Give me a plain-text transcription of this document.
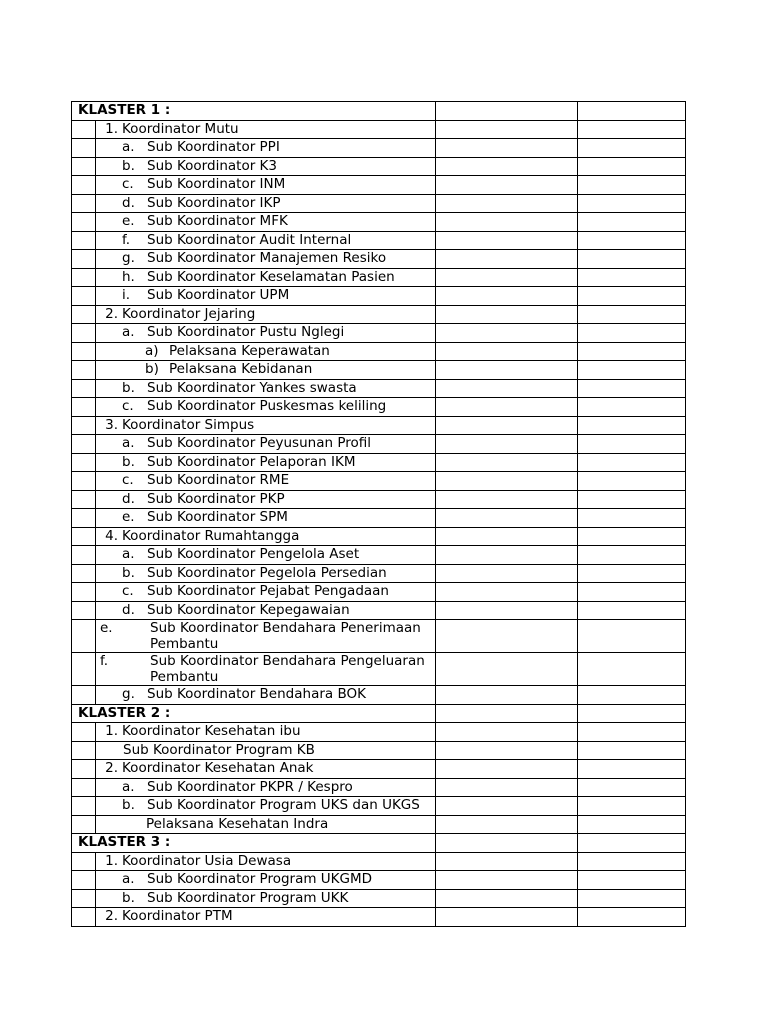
KLASTER 1 :			
	1. Koordinator Mutu		
	a. Sub Koordinator PPI		
	b. Sub Koordinator K3		
	c. Sub Koordinator INM		
	d. Sub Koordinator IKP		
	e. Sub Koordinator MFK		
	f. Sub Koordinator Audit Internal		
	g. Sub Koordinator Manajemen Resiko		
	h. Sub Koordinator Keselamatan Pasien		
	i. Sub Koordinator UPM		
	2. Koordinator Jejaring		
	a. Sub Koordinator Pustu Nglegi		
	a) Pelaksana Keperawatan		
	b) Pelaksana Kebidanan		
	b. Sub Koordinator Yankes swasta		
	c. Sub Koordinator Puskesmas keliling		
	3. Koordinator Simpus		
	a. Sub Koordinator Peyusunan Profil		
	b. Sub Koordinator Pelaporan IKM		
	c. Sub Koordinator RME		
	d. Sub Koordinator PKP		
	e. Sub Koordinator SPM		
	4. Koordinator Rumahtangga		
	a. Sub Koordinator Pengelola Aset		
	b. Sub Koordinator Pegelola Persedian		
	c. Sub Koordinator Pejabat Pengadaan		
	d. Sub Koordinator Kepegawaian		

	e. Sub Koordinator Bendahara Penerimaan Pembantu		

	f. Sub Koordinator Bendahara Pengeluaran Pembantu		

	g. Sub Koordinator Bendahara BOK		
KLASTER 2 :			
	1. Koordinator Kesehatan ibu		
	Sub Koordinator Program KB		
	2. Koordinator Kesehatan Anak		
	a. Sub Koordinator PKPR / Kespro		
	b. Sub Koordinator Program UKS dan UKGS		
	Pelaksana Kesehatan Indra		
KLASTER 3 :			
	1. Koordinator Usia Dewasa		
	a. Sub Koordinator Program UKGMD		
	b. Sub Koordinator Program UKK		
	2. Koordinator PTM		
